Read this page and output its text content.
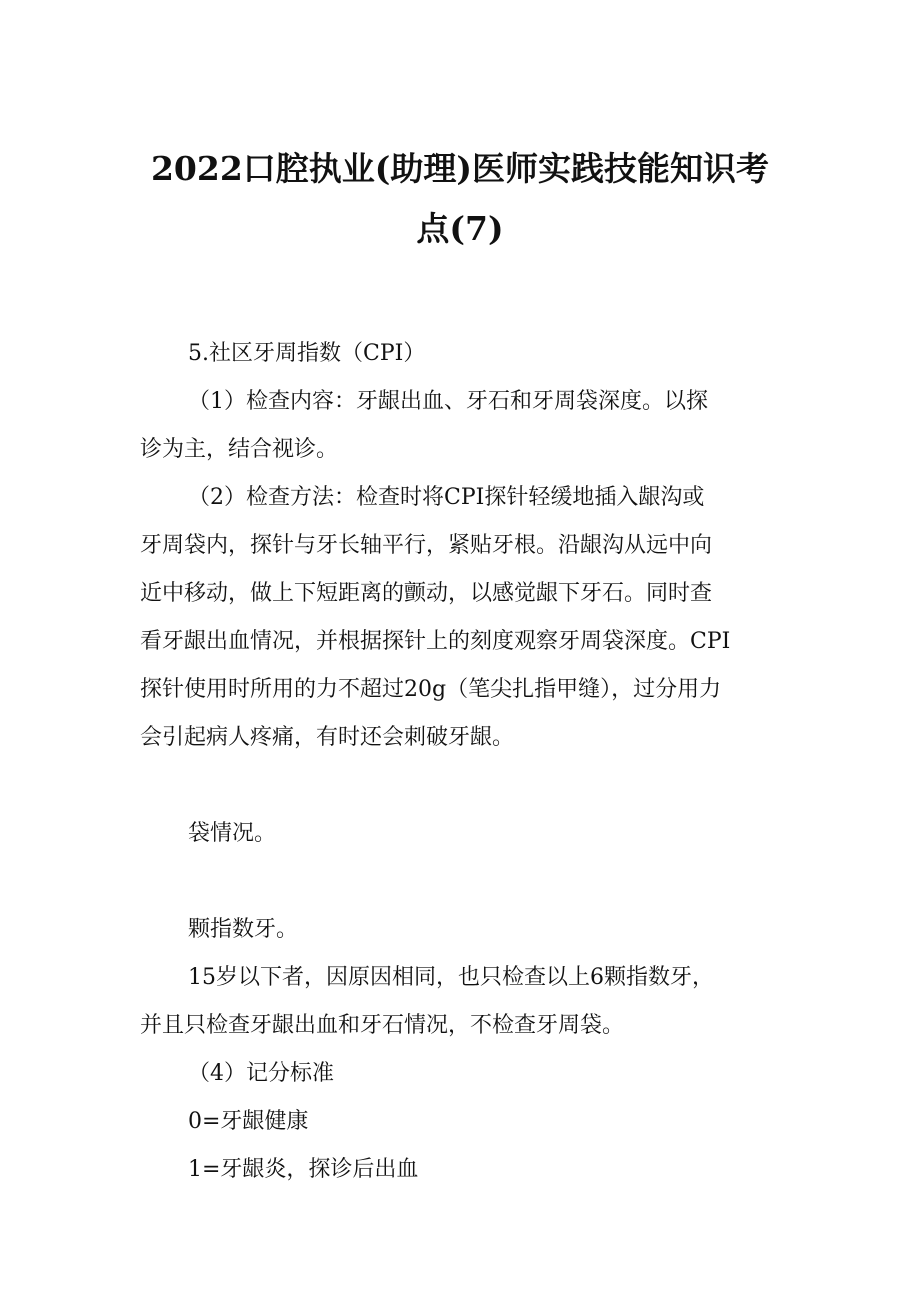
2022口腔执业(助理)医师实践技能知识考
点(7)
5.社区牙周指数（CPI）
（1）检查内容：牙龈出血、牙石和牙周袋深度。以探
诊为主，结合视诊。
（2）检查方法：检查时将CPI探针轻缓地插入龈沟或
牙周袋内，探针与牙长轴平行，紧贴牙根。沿龈沟从远中向
近中移动，做上下短距离的颤动，以感觉龈下牙石。同时查
看牙龈出血情况，并根据探针上的刻度观察牙周袋深度。CPI
探针使用时所用的力不超过20g（笔尖扎指甲缝），过分用力
会引起病人疼痛，有时还会刺破牙龈。
袋情况。
颗指数牙。
15岁以下者，因原因相同，也只检查以上6颗指数牙，
并且只检查牙龈出血和牙石情况，不检查牙周袋。
（4）记分标准
0=牙龈健康
1=牙龈炎，探诊后出血
